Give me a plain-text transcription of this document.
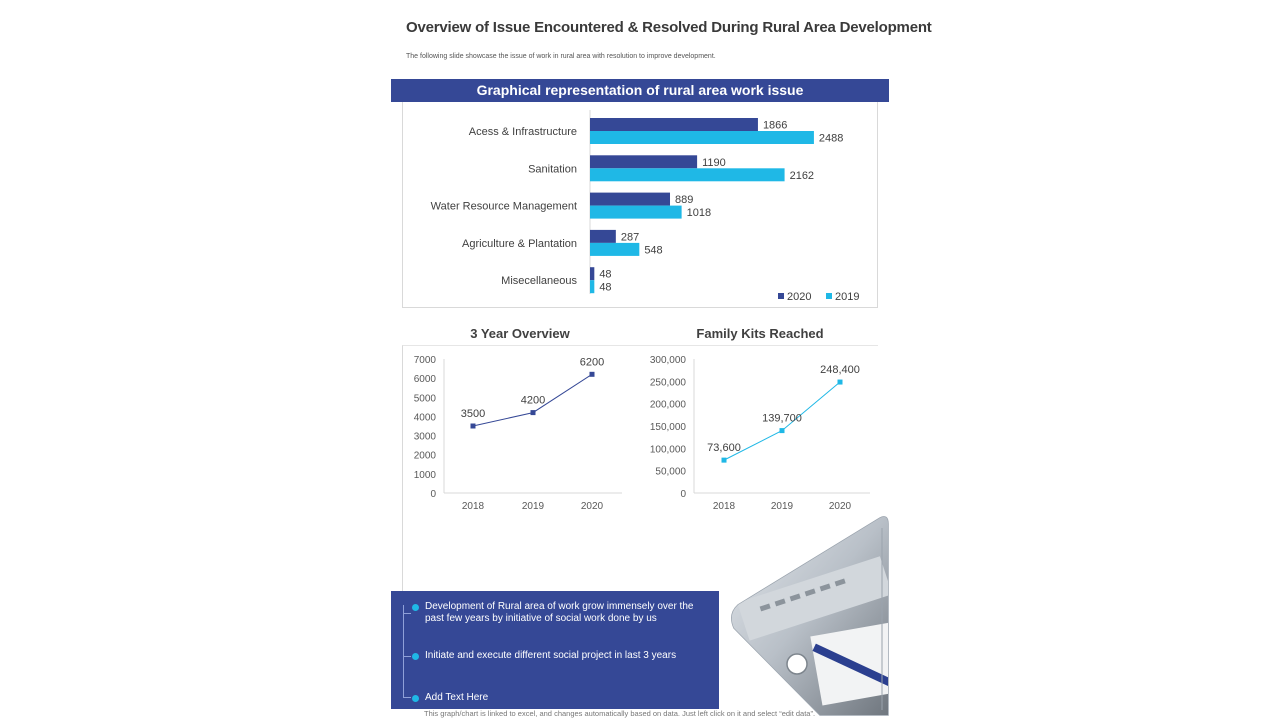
Overview of Issue Encountered & Resolved During Rural Area Development
The following slide showcase the issue of work in rural area with resolution to improve development.
Graphical representation of rural area work issue
Acess & Infrastructure
Sanitation
Water Resource Management
Agriculture & Plantation
Misecellaneous
1866
2488
1190
2162
889
1018
287
548
48
48
2020 2019
3 Year Overview	Family Kits Reached
0
1000
2000
3000
4000
5000
6000
7000
2018	2019	2020
3500
4200
6200
0
50,000
100,000
150,000
200,000
250,000
300,000
2018	2019	2020
73,600
139,700
248,400
Development of Rural area of work grow immensely over the past few years by initiative of social work done by us
Initiate and execute different social project in last 3 years
Add Text Here
This graph/chart is linked to excel, and changes automatically based on data. Just left click on it and select “edit data”.
